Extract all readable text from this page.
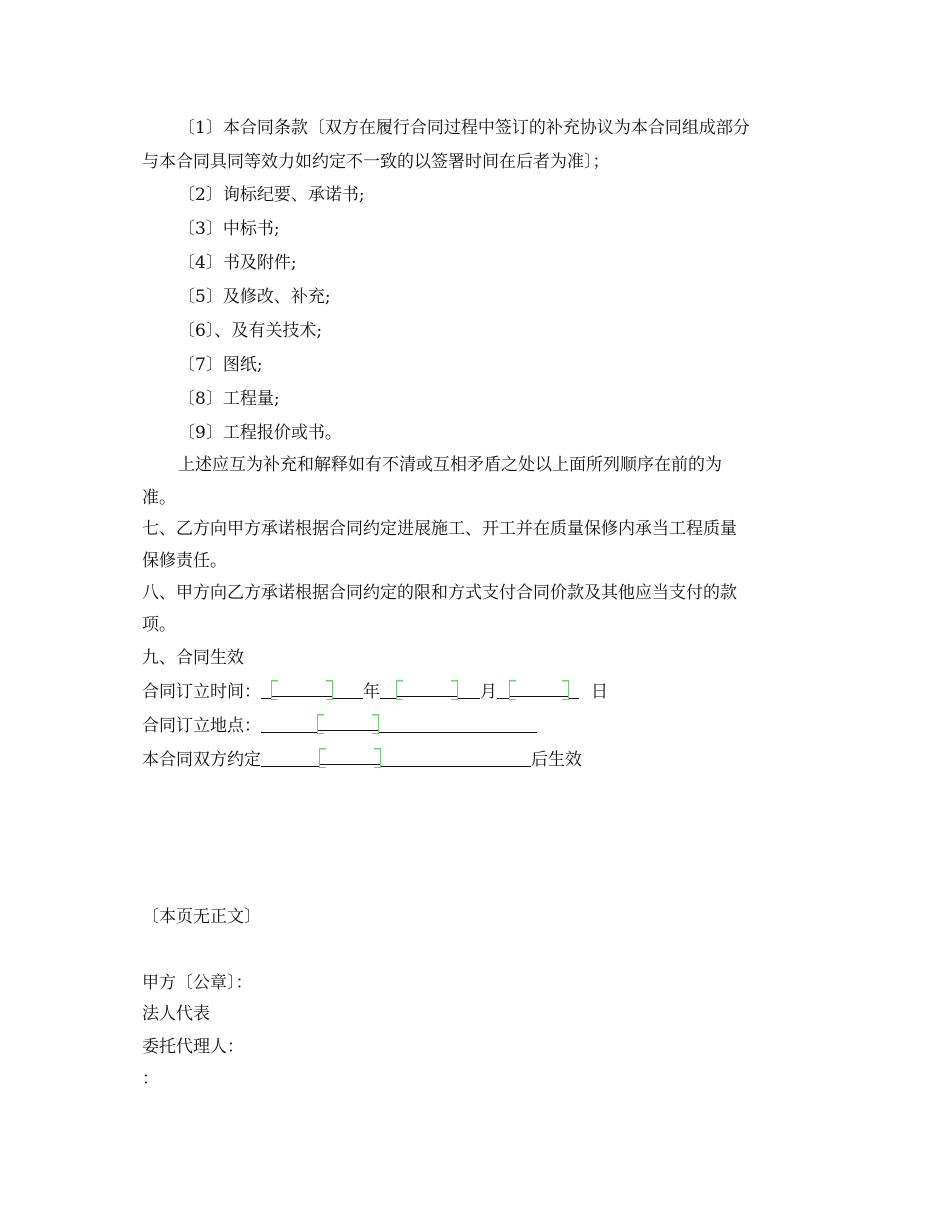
〔1〕本合同条款〔双方在履行合同过程中签订的补充协议为本合同组成部分
与本合同具同等效力如约定不一致的以签署时间在后者为准〕；
〔2〕询标纪要、承诺书;
〔3〕中标书;
〔4〕书及附件;
〔5〕及修改、补充;
〔6〕、及有关技术;
〔7〕图纸;
〔8〕工程量;
〔9〕工程报价或书。
上述应互为补充和解释如有不清或互相矛盾之处以上面所列顺序在前的为
准。
七、乙方向甲方承诺根据合同约定进展施工、开工并在质量保修内承当工程质量
保修责任。
八、甲方向乙方承诺根据合同约定的限和方式支付合同价款及其他应当支付的款
项。
九、合同生效
合同订立时间：	年	月	日
合同订立地点：
本合同双方约定	后生效
〔本页无正文〕
甲方〔公章〕：
法人代表
委托代理人：
：
